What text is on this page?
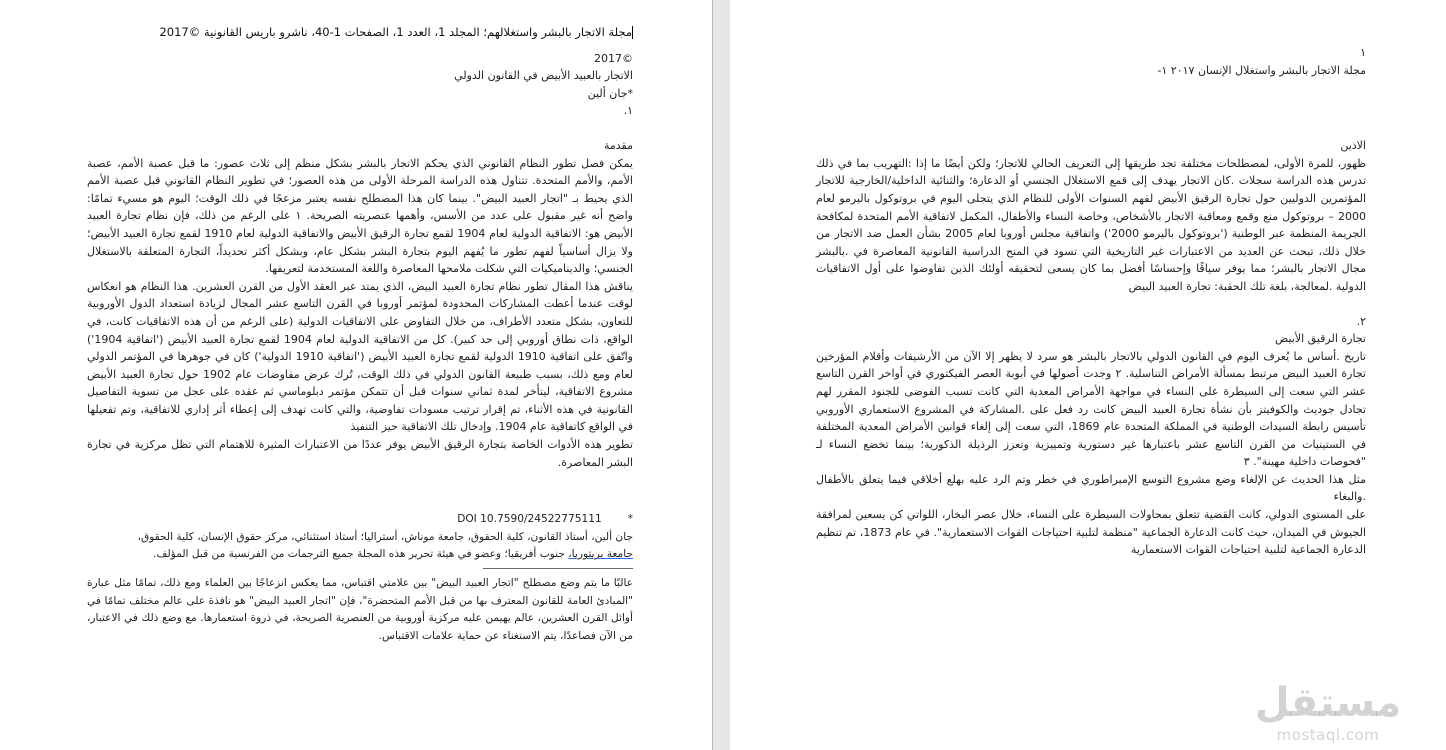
مجلة الاتجار بالبشر واستغلالهم؛ المجلد 1، العدد 1، الصفحات 1-40، ناشرو باريس القانونية ©2017

©2017

الاتجار بالعبيد الأبيض في القانون الدولي

*جان ألين

١.

مقدمة

يمكن فصل تطور النظام القانوني الذي يحكم الاتجار بالبشر بشكل منظم إلى ثلاث عصور: ما قبل عصبة الأمم، عصبة الأمم، والأمم المتحدة. تتناول هذه الدراسة المرحلة الأولى من هذه العصور؛ في تطوير النظام القانوني قبل عصبة الأمم الذي يحيط بـ "اتجار العبيد البيض". بينما كان هذا المصطلح نفسه يعتبر مزعجًا في ذلك الوقت؛ اليوم هو مسيء تمامًا: واضح أنه غير مقبول على عدد من الأسس، وأهمها عنصريته الصريحة. ١ على الرغم من ذلك، فإن نظام تجارة العبيد الأبيض هو: الاتفاقية الدولية لعام 1904 لقمع تجارة الرقيق الأبيض والاتفاقية الدولية لعام 1910 لقمع تجارة العبيد الأبيض؛ ولا يزال أساسياً لفهم تطور ما يُفهم اليوم بتجارة البشر بشكل عام، وبشكل أكثر تحديداً، التجارة المتعلقة بالاستغلال الجنسي؛ والديناميكيات التي شكلت ملامحها المعاصرة واللغة المستخدمة لتعريفها.

يناقش هذا المقال تطور نظام تجارة العبيد البيض، الذي يمتد عبر العقد الأول من القرن العشرين. هذا النظام هو انعكاس لوقت عندما أعطت المشاركات المحدودة لمؤتمر أوروبا في القرن التاسع عشر المجال لزيادة استعداد الدول الأوروبية للتعاون، بشكل متعدد الأطراف، من خلال التفاوض على الاتفاقيات الدولية (على الرغم من أن هذه الاتفاقيات كانت، في الواقع، ذات نطاق أوروبي إلى حد كبير). كل من الاتفاقية الدولية لعام 1904 لقمع تجارة العبيد الأبيض ('اتفاقية 1904') واتّفق على اتفاقية 1910 الدولية لقمع تجارة العبيد الأبيض ('اتفاقية 1910 الدولية') كان في جوهرها في المؤتمر الدولي لعام ومع ذلك، بسبب طبيعة القانون الدولي في ذلك الوقت، تُرك عرض مفاوضات عام 1902 حول تجارة العبيد الأبيض مشروع الاتفاقية، ليتأخر لمدة ثماني سنوات قبل أن تتمكن مؤتمر دبلوماسي ثم عقده على عجل من تسوية التفاصيل القانونية في هذه الأثناء، تم إقرار ترتيب مسودات تفاوضية، والتي كانت تهدف إلى إعطاء أثر إداري للاتفاقية، وتم تفعيلها في الواقع كاتفاقية عام 1904. وإدخال تلك الاتفاقية حيز التنفيذ

تطوير هذه الأدوات الخاصة بتجارة الرقيق الأبيض يوفر عددًا من الاعتبارات المثيرة للاهتمام التي تظل مركزية في تجارة البشر المعاصرة.

*DOI 10.7590/24522775111

جان ألين، أستاذ القانون، كلية الحقوق، جامعة موناش، أستراليا؛ أستاذ استثنائي، مركز حقوق الإنسان، كلية الحقوق،

جامعة بريتوريا، جنوب أفريقيا؛ وعضو في هيئة تحرير هذه المجلة جميع الترجمات من الفرنسية من قبل المؤلف.

عالبًا ما يتم وضع مصطلح "اتجار العبيد البيض" بين علامتي اقتباس، مما يعكس انزعاجًا بين العلماء ومع ذلك، تمامًا مثل عبارة "المبادئ العامة للقانون المعترف بها من قبل الأمم المتحضرة"، فإن "اتجار العبيد البيض" هو نافذة على عالم مختلف تمامًا في أوائل القرن العشرين، عالم يهيمن عليه مركزية أوروبية من العنصرية الصريحة، في ذروة استعمارها. مع وضع ذلك في الاعتبار، من الآن فصاعدًا، يتم الاستغناء عن حماية علامات الاقتباس.

١

مجلة الاتجار بالبشر واستغلال الإنسان ٢٠١٧ ١-

الاذين

ظهور، للمرة الأولى، لمصطلحات مختلفة تجد طريقها إلى التعريف الحالي للاتجار؛ ولكن أيضًا ما إذا :التهريب بما في ذلك تدرس هذه الدراسة سجلات .كان الاتجار يهدف إلى قمع الاستغلال الجنسي أو الدعارة؛ والثنائية الداخلية/الخارجية للاتجار المؤتمرين الدوليين حول تجارة الرقيق الأبيض لفهم السنوات الأولى للنظام الذي يتجلى اليوم في بروتوكول باليرمو لعام 2000 – بروتوكول منع وقمع ومعاقبة الاتجار بالأشخاص، وخاصة النساء والأطفال، المكمل لاتفاقية الأمم المتحدة لمكافحة الجريمة المنظمة عبر الوطنية ('بروتوكول باليرمو 2000') واتفاقية مجلس أوروبا لعام 2005 بشأن العمل ضد الاتجار من خلال ذلك، تبحث عن العديد من الاعتبارات غير التاريخية التي تسود في المنح الدراسية القانونية المعاصرة في .بالبشر مجال الاتجار بالبشر؛ مما يوفر سياقًا وإحساسًا أفضل بما كان يسعى لتحقيقه أولئك الذين تفاوضوا على أول الاتفاقيات الدولية .لمعالجة، بلغة تلك الحقبة: تجارة العبيد البيض

٢.

تجارة الرقيق الأبيض

تاريخ .أساس ما يُعرف اليوم في القانون الدولي بالاتجار بالبشر هو سرد لا يظهر إلا الآن من الأرشيفات وأقلام المؤرخين تجارة العبيد البيض مرتبط بمسألة الأمراض التناسلية. ٢ وجدت أصولها في أبوبة العصر الفيكتوري في أواخر القرن التاسع عشر التي سعت إلى السيطرة على النساء في مواجهة الأمراض المعدية التي كانت تسبب الفوضى للجنود المقرر لهم تجادل جوديث والكوفيتز بأن نشأة تجارة العبيد البيض كانت رد فعل على .المشاركة في المشروع الاستعماري الأوروبي تأسيس رابطة السيدات الوطنية في المملكة المتحدة عام 1869، التي سعت إلى إلغاء قوانين الأمراض المعدية المختلفة في الستينيات من القرن التاسع عشر باعتبارها غير دستورية وتمييزية وتعزز الرذيلة الذكورية؛ بينما تخضع النساء لـ "فحوصات داخلية مهينة". ٣

مثل هذا الحديث عن الإلغاء وضع مشروع التوسع الإمبراطوري في خطر وتم الرد عليه بهلع أخلاقي فيما يتعلق بالأطفال .والبغاء

على المستوى الدولي، كانت القضية تتعلق بمحاولات السيطرة على النساء، خلال عصر البخار، اللواتي كن يسعين لمرافقة الجيوش في الميدان، حيث كانت الدعارة الجماعية "منظمة لتلبية احتياجات القوات الاستعمارية". في عام 1873، تم تنظيم الدعارة الجماعية لتلبية احتياجات القوات الاستعمارية

مستقل
mostaql.com
